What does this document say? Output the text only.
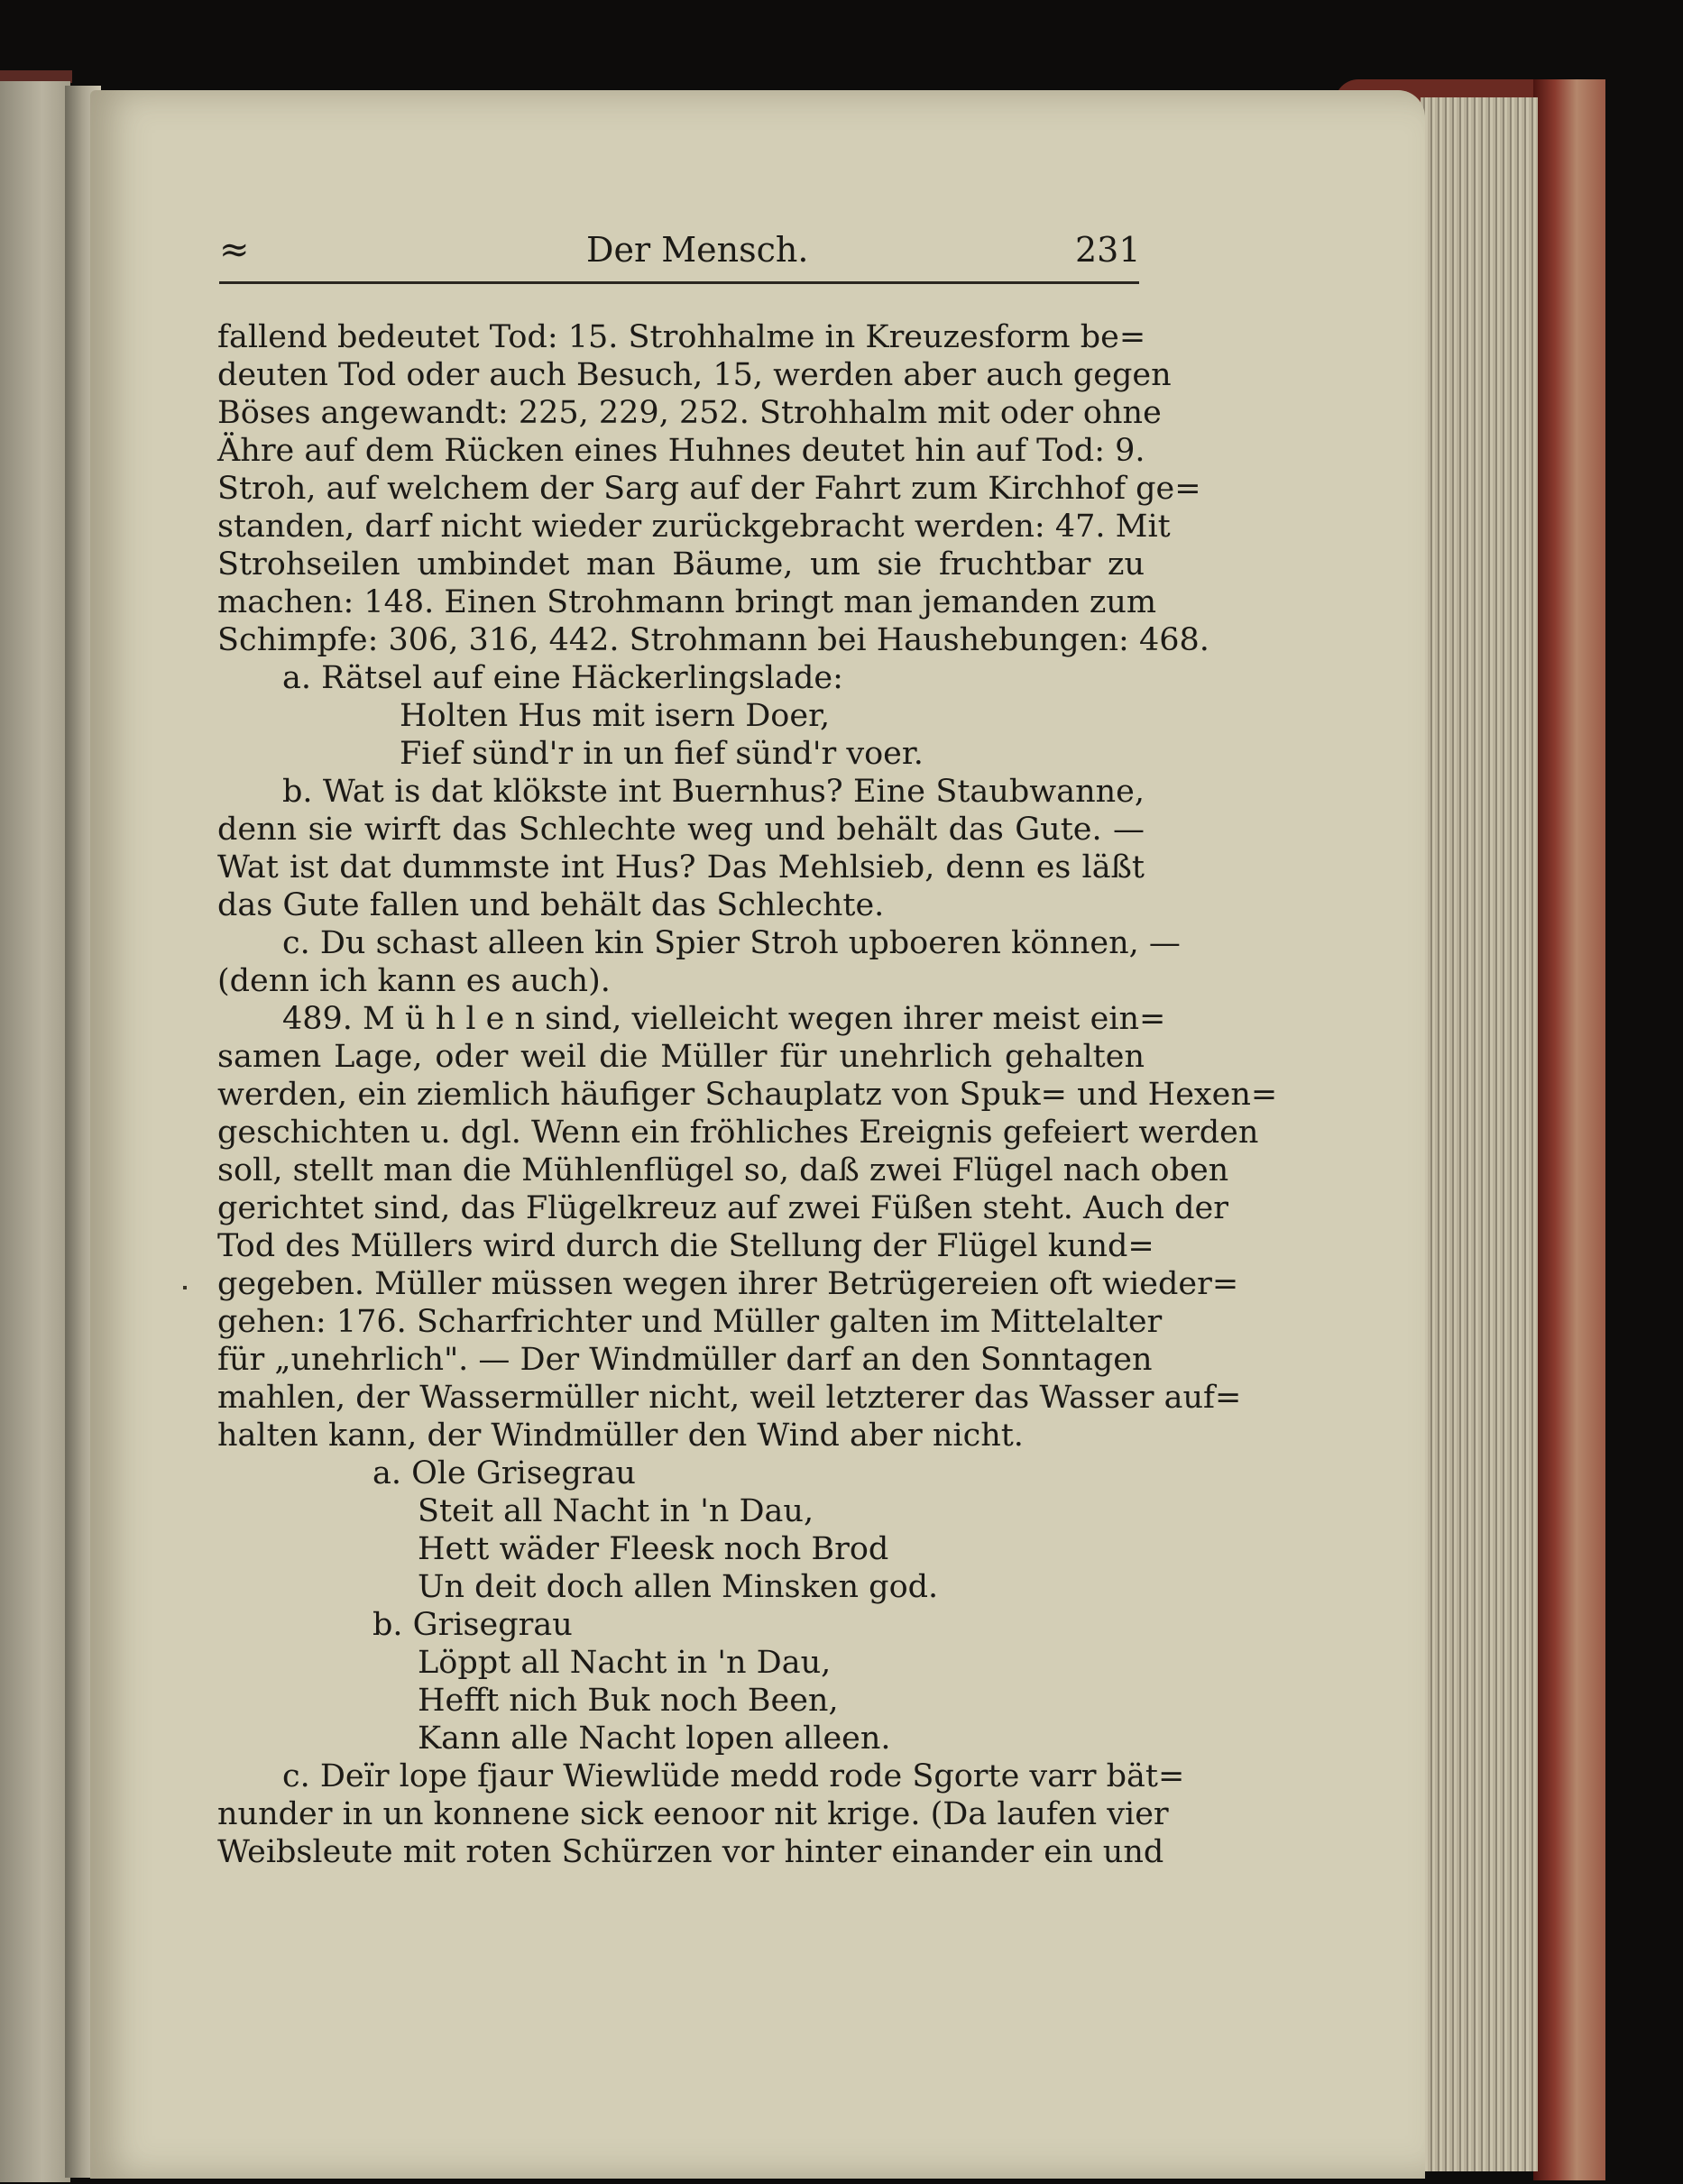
≈	Der Mensch.	231
fallend bedeutet Tod: 15. Strohhalme in Kreuzesform be=
deuten Tod oder auch Besuch, 15, werden aber auch gegen
Böses angewandt: 225, 229, 252. Strohhalm mit oder ohne
Ähre auf dem Rücken eines Huhnes deutet hin auf Tod: 9.
Stroh, auf welchem der Sarg auf der Fahrt zum Kirchhof ge=
standen, darf nicht wieder zurückgebracht werden: 47. Mit
Strohseilen umbindet man Bäume, um sie fruchtbar zu
machen: 148. Einen Strohmann bringt man jemanden zum
Schimpfe: 306, 316, 442. Strohmann bei Haushebungen: 468.
a. Rätsel auf eine Häckerlingslade:
Holten Hus mit isern Doer,
Fief sünd'r in un fief sünd'r voer.
b. Wat is dat klökste int Buernhus? Eine Staubwanne,
denn sie wirft das Schlechte weg und behält das Gute. —
Wat ist dat dummste int Hus? Das Mehlsieb, denn es läßt
das Gute fallen und behält das Schlechte.
c. Du schast alleen kin Spier Stroh upboeren können, —
(denn ich kann es auch).
489. M ü h l e n sind, vielleicht wegen ihrer meist ein=
samen Lage, oder weil die Müller für unehrlich gehalten
werden, ein ziemlich häufiger Schauplatz von Spuk= und Hexen=
geschichten u. dgl. Wenn ein fröhliches Ereignis gefeiert werden
soll, stellt man die Mühlenflügel so, daß zwei Flügel nach oben
gerichtet sind, das Flügelkreuz auf zwei Füßen steht. Auch der
Tod des Müllers wird durch die Stellung der Flügel kund=
gegeben. Müller müssen wegen ihrer Betrügereien oft wieder=
gehen: 176. Scharfrichter und Müller galten im Mittelalter
für „unehrlich". — Der Windmüller darf an den Sonntagen
mahlen, der Wassermüller nicht, weil letzterer das Wasser auf=
halten kann, der Windmüller den Wind aber nicht.
a. Ole Grisegrau
Steit all Nacht in 'n Dau,
Hett wäder Fleesk noch Brod
Un deit doch allen Minsken god.
b. Grisegrau
Löppt all Nacht in 'n Dau,
Hefft nich Buk noch Been,
Kann alle Nacht lopen alleen.
c. Deïr lope fjaur Wiewlüde medd rode Sgorte varr bät=
nunder in un konnene sick eenoor nit krige. (Da laufen vier
Weibsleute mit roten Schürzen vor hinter einander ein und
